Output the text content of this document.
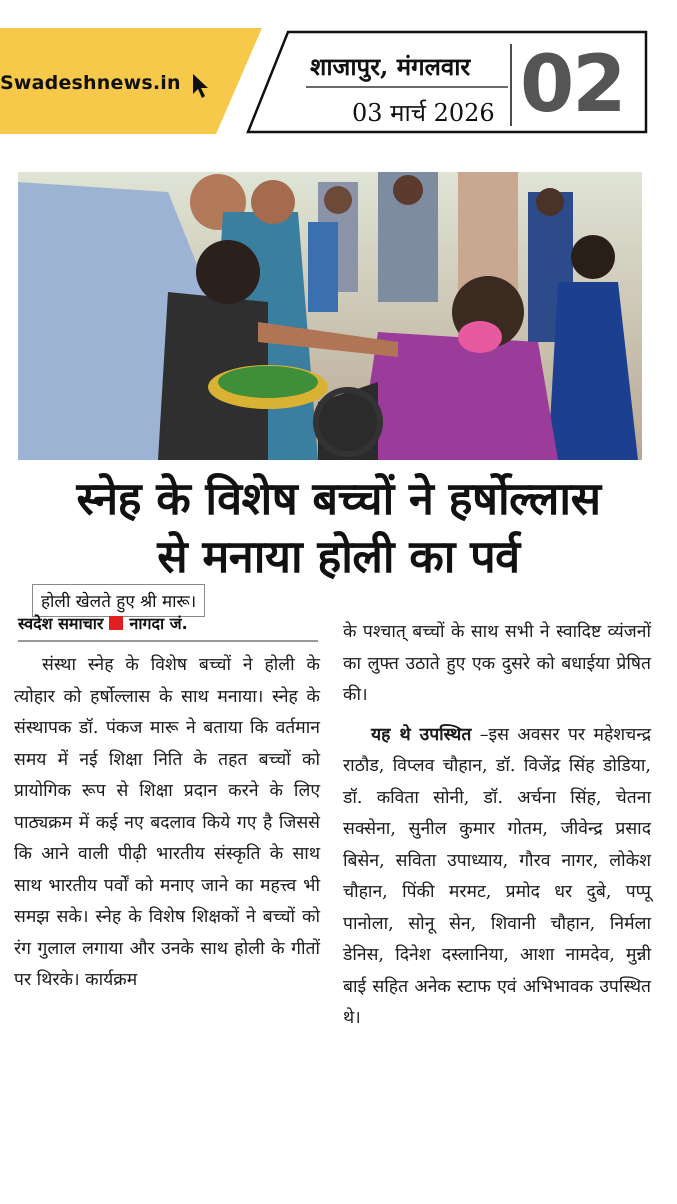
Swadeshnews.in
शाजापुर, मंगलवार
03 मार्च 2026 02
होली खेलते हुए श्री मारू।
स्नेह के विशेष बच्चों ने हर्षोल्लास
से मनाया होली का पर्व
स्वदेश समाचार नागदा जं.

संस्था स्नेह के विशेष बच्चों ने होली के त्योहार को हर्षोल्लास के साथ मनाया। स्नेह के संस्थापक डॉ. पंकज मारू ने बताया कि वर्तमान समय में नई शिक्षा निति के तहत बच्चों को प्रायोगिक रूप से शिक्षा प्रदान करने के लिए पाठ्यक्रम में कई नए बदलाव किये गए है जिससे कि आने वाली पीढ़ी भारतीय संस्कृति के साथ साथ भारतीय पर्वों को मनाए जाने का महत्त्व भी समझ सके। स्नेह के विशेष शिक्षकों ने बच्चों को रंग गुलाल लगाया और उनके साथ होली के गीतों पर थिरके। कार्यक्रम

के पश्चात् बच्चों के साथ सभी ने स्वादिष्ट व्यंजनों का लुफ्त उठाते हुए एक दुसरे को बधाईया प्रेषित की।

यह थे उपस्थित –इस अवसर पर महेशचन्द्र राठौड, विप्लव चौहान, डॉ. विजेंद्र सिंह डोडिया, डॉ. कविता सोनी, डॉ. अर्चना सिंह, चेतना सक्सेना, सुनील कुमार गोतम, जीवेन्द्र प्रसाद बिसेन, सविता उपाध्याय, गौरव नागर, लोकेश चौहान, पिंकी मरमट, प्रमोद धर दुबे, पप्पू पानोला, सोनू सेन, शिवानी चौहान, निर्मला डेनिस, दिनेश दस्लानिया, आशा नामदेव, मुन्नी बाई सहित अनेक स्टाफ एवं अभिभावक उपस्थित थे।
